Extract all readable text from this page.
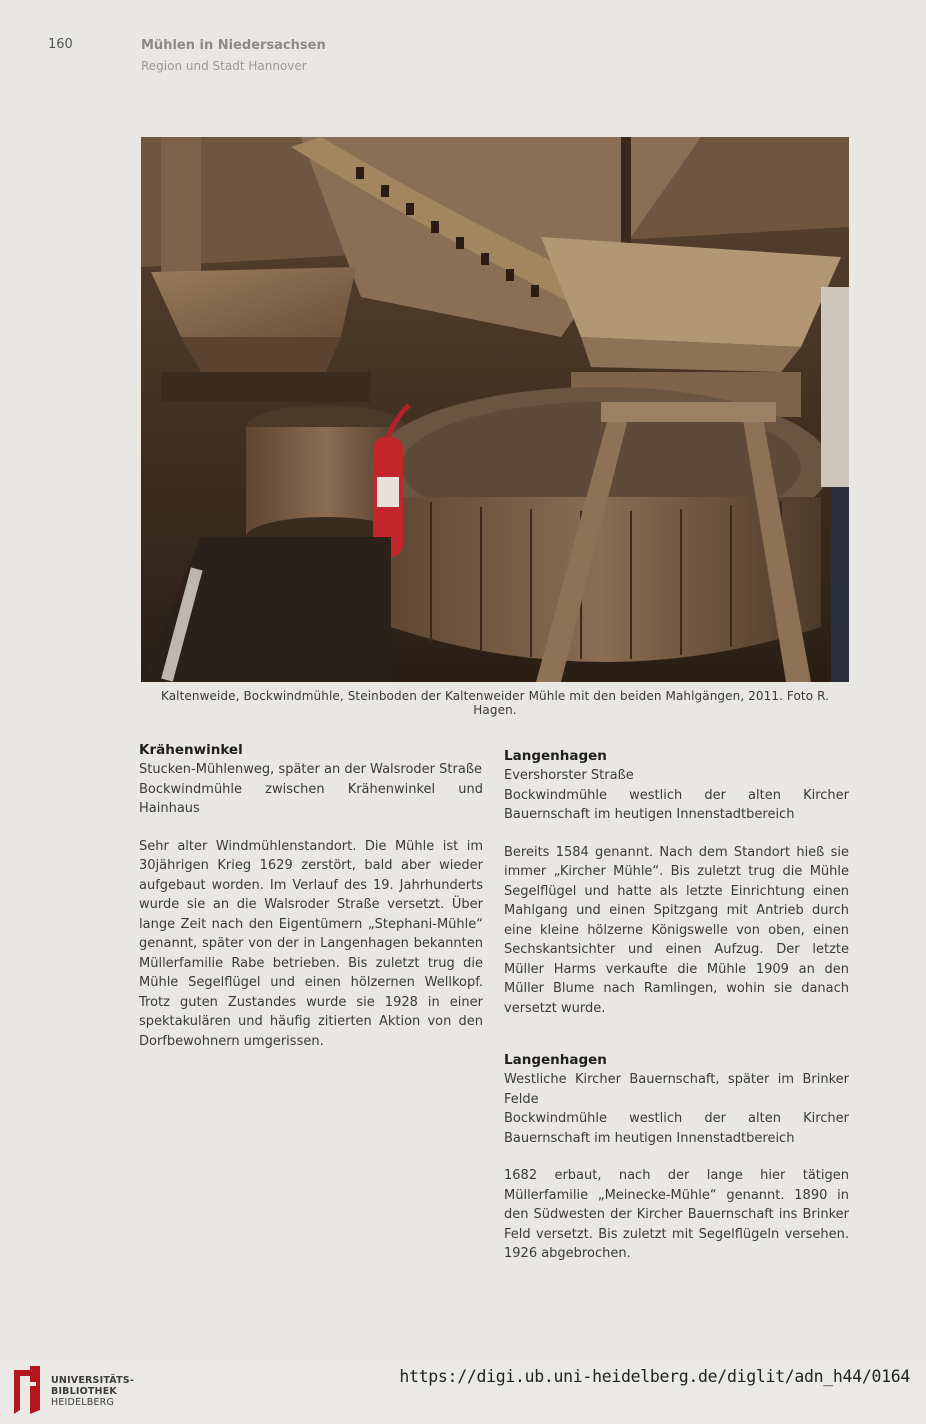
160	Mühlen in Niedersachsen
Region und Stadt Hannover
Kaltenweide, Bockwindmühle, Steinboden der Kaltenweider Mühle mit den beiden Mahlgängen, 2011. Foto R. Hagen.

Krähenwinkel

Stucken-Mühlenweg, später an der Walsroder Straße

Bockwindmühle zwischen Krähenwinkel und Hainhaus

Sehr alter Windmühlenstandort. Die Mühle ist im 30jährigen Krieg 1629 zerstört, bald aber wieder aufgebaut worden. Im Verlauf des 19. Jahrhunderts wurde sie an die Walsroder Straße versetzt. Über lange Zeit nach den Eigentümern „Stephani-Mühle“ genannt, später von der in Langenhagen bekannten Müllerfamilie Rabe betrieben. Bis zuletzt trug die Mühle Segelflügel und einen hölzernen Wellkopf. Trotz guten Zustandes wurde sie 1928 in einer spektakulären und häufig zitierten Aktion von den Dorfbewohnern umgerissen.

Langenhagen

Evershorster Straße

Bockwindmühle westlich der alten Kircher Bauernschaft im heutigen Innenstadtbereich

Bereits 1584 genannt. Nach dem Standort hieß sie immer „Kircher Mühle“. Bis zuletzt trug die Mühle Segelflügel und hatte als letzte Einrichtung einen Mahlgang und einen Spitzgang mit Antrieb durch eine kleine hölzerne Königswelle von oben, einen Sechskantsichter und einen Aufzug. Der letzte Müller Harms verkaufte die Mühle 1909 an den Müller Blume nach Ramlingen, wohin sie danach versetzt wurde.

Langenhagen

Westliche Kircher Bauernschaft, später im Brinker Felde

Bockwindmühle westlich der alten Kircher Bauernschaft im heutigen Innenstadtbereich

1682 erbaut, nach der lange hier tätigen Müllerfamilie „Meinecke-Mühle“ genannt. 1890 in den Südwesten der Kircher Bauernschaft ins Brinker Feld versetzt. Bis zuletzt mit Segelflügeln versehen. 1926 abgebrochen.

UNIVERSITÄTS-
BIBLIOTHEK
HEIDELBERG
https://digi.ub.uni-heidelberg.de/diglit/adn_h44/0164
